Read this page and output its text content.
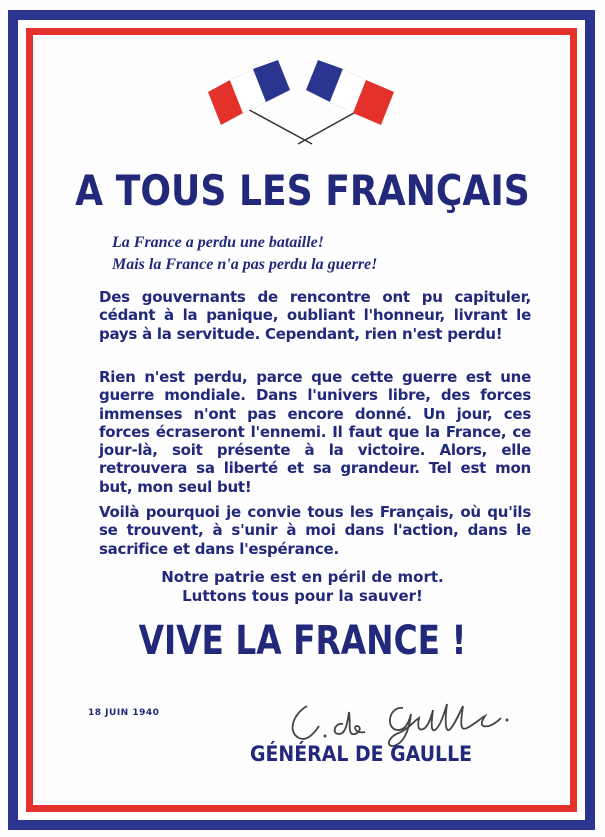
A TOUS LES FRANÇAIS
La France a perdu une bataille!
Mais la France n'a pas perdu la guerre!
Des gouvernants de rencontre ont pu capituler, cédant à la panique, oubliant l'honneur, livrant le pays à la servitude. Cependant, rien n'est perdu!
Rien n'est perdu, parce que cette guerre est une guerre mondiale. Dans l'univers libre, des forces immenses n'ont pas encore donné. Un jour, ces forces écraseront l'ennemi. Il faut que la France, ce jour-là, soit présente à la victoire. Alors, elle retrouvera sa liberté et sa grandeur. Tel est mon but, mon seul but!
Voilà pourquoi je convie tous les Français, où qu'ils se trouvent, à s'unir à moi dans l'action, dans le sacrifice et dans l'espérance.
Notre patrie est en péril de mort.
Luttons tous pour la sauver!
VIVE LA FRANCE !
18 JUIN 1940
GÉNÉRAL DE GAULLE
